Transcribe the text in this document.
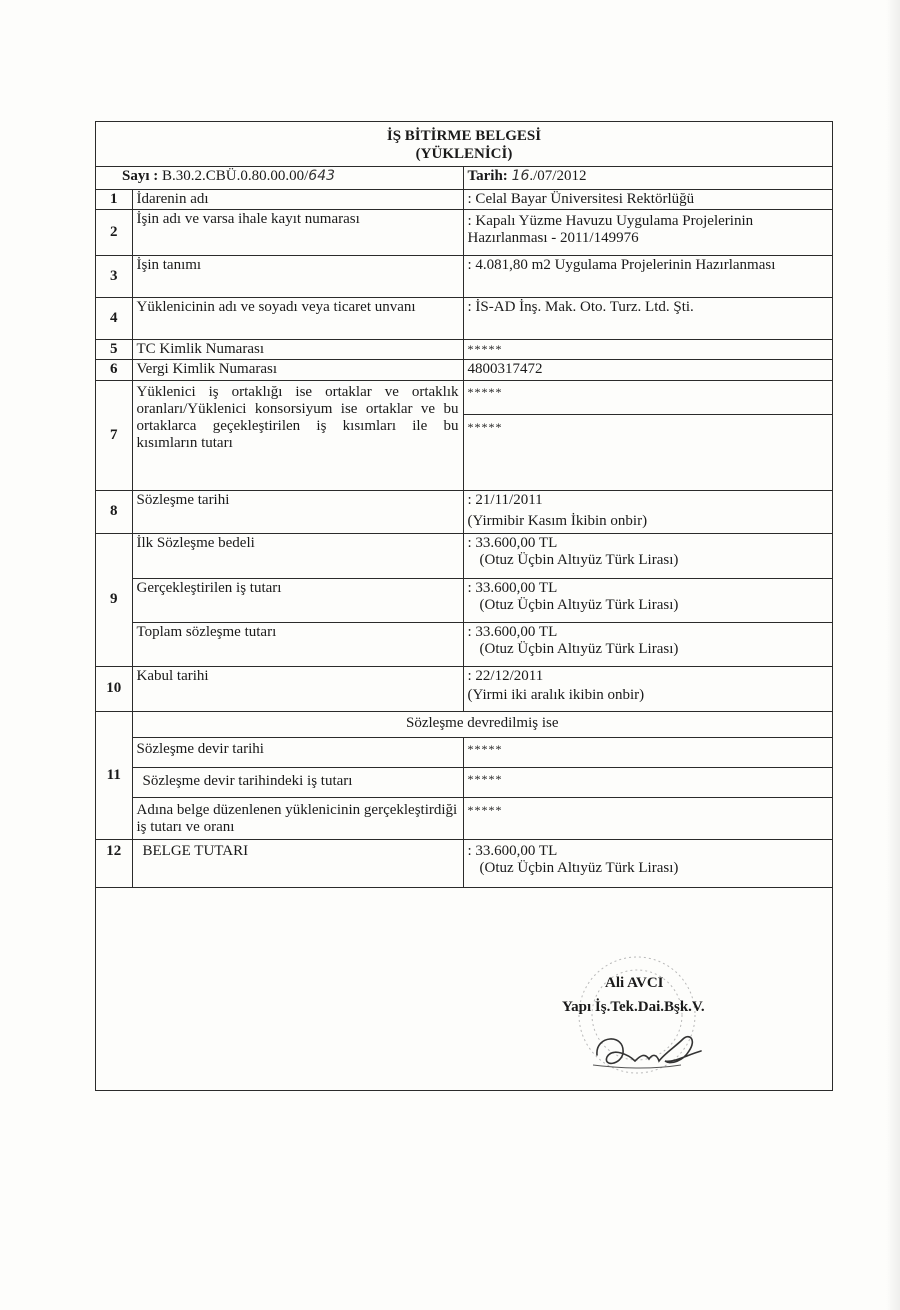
İŞ BİTİRME BELGESİ
(YÜKLENİCİ)
Sayı : B.30.2.CBÜ.0.80.00.00/643		Tarih: 16./07/2012
1	İdarenin adı	: Celal Bayar Üniversitesi Rektörlüğü
2	İşin adı ve varsa ihale kayıt numarası	: Kapalı Yüzme Havuzu Uygulama Projelerinin Hazırlanması - 2011/149976
3	İşin tanımı	: 4.081,80 m2 Uygulama Projelerinin Hazırlanması
4	Yüklenicinin adı ve soyadı veya ticaret unvanı	: İS-AD İnş. Mak. Oto. Turz. Ltd. Şti.
5	TC Kimlik Numarası	*****
6	Vergi Kimlik Numarası	4800317472
7	Yüklenici iş ortaklığı ise ortaklar ve ortaklık oranları/Yüklenici konsorsiyum ise ortaklar ve bu ortaklarca geçekleştirilen iş kısımları ile bu kısımların tutarı	*****
		*****
8	Sözleşme tarihi	: 21/11/2011
(Yirmibir Kasım İkibin onbir)

9	İlk Sözleşme bedeli	: 33.600,00 TL
(Otuz Üçbin Altıyüz Türk Lirası)

	Gerçekleştirilen iş tutarı	: 33.600,00 TL
(Otuz Üçbin Altıyüz Türk Lirası)

	Toplam sözleşme tutarı	: 33.600,00 TL
(Otuz Üçbin Altıyüz Türk Lirası)

10	Kabul tarihi	: 22/12/2011
(Yirmi iki aralık ikibin onbir)

11	Sözleşme devredilmiş ise	
	Sözleşme devir tarihi	*****
	Sözleşme devir tarihindeki iş tutarı	*****
	Adına belge düzenlenen yüklenicinin gerçekleştirdiği iş tutarı ve oranı	*****
12	BELGE TUTARI	: 33.600,00 TL
(Otuz Üçbin Altıyüz Türk Lirası)
Ali AVCI
Yapı İş.Tek.Dai.Bşk.V.
